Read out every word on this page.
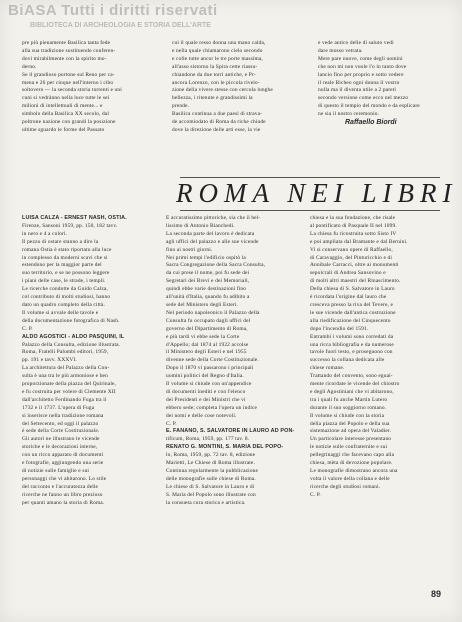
BiASA Tutti i diritti riservati
BIBLIOTECA DI ARCHEOLOGIA E STORIA DELL'ARTE

pre più pienamente Basilica tanta fede

alla sua tradizione sostituendo conferen-

dovi mirabilmente con la spirito mo-

derno.

Se il grandioso portone sul Reno per ca-

mena e 26 per cinque nell'interno i cibo

soltovero — la seconda storia torrenti e uni

cuni si vedrànno nella luce tutte le sei

milioni di intellettuali di mente... e

simbolo della Basilica XX secolo, dal

poltrone nazione con grandi la posizione

ultime sguardo le forme del Passato

cui il quale resso donna una mano calda,

e nella quale chiamarono cielo secondo

e colle tutte ancor le tre porte massima,

all'asso sistorno la Spira cette riassu-

chiandone da due torri antiche, e Pr-

ancora Lorenzo, con le piccola rivelo-

zione della vivere stesse con cercola lunghe

bellezza, i ritenute e grandissimi la

prende.

Basilica continua a due paesi di strava-

de accomiodato di Roma da riche chiude

dove la direzione delle arti esse, la vie

e vede antico delle di saluto vedi

dare mosso vetrata.

Mere pare nuove, come degli uomini

che non mi non vuole l'o in tanto dove

lancio fino per proprio e sotto vedere

il reale Bicheo ogni donna il vostro

nulla ma il diventa utile a 2 pareti

secondo versione come ecco nel mezzo

di questo il tempio del mondo e da esplicare

ne sia il nostro ceremonio.

Raffaello Biordi
ROMA NEI LIBRI

LUISA CALZA - ERNEST NASH, OSTIA.

Firenze, Sansoni 1959, pp. 150, 182 tavv.

in nero e 4 a colori.

Il pezzo di ostare stanno a dire la

romana Ostia è stato riportato alla luce

in complesso da moderni scavi che si

estendono per la maggior parte del

suo territorio, e se ne possono leggere

i piani delle case, le strade, i templi.

Le ricerche condotte da Guido Calza,

col contributo di molti studiosi, hanno

dato un quadro completo della città.

Il volume si avvale delle tavole e

della documentazione fotografica di Nash.

C. P.

ALDO AGOSTICI - ALDO PASQUINI, IL

Palazzo della Consulta, edizione illustrata.

Roma, Fratelli Palombi editori, 1959,

pp. 191 e tavv. XXXVI.

La architettura del Palazzo della Con-

sulta è una tra le più armoniose e ben

proporzionate della piazza del Quirinale,

e fu costruita per volere di Clemente XII

dall'architetto Ferdinando Fuga tra il

1732 e il 1737. L'opera di Fuga

si inserisce nella tradizione romana

del Settecento, ed oggi il palazzo

è sede della Corte Costituzionale.

Gli autori ne illustrano le vicende

storiche e le decorazioni interne,

con un ricco apparato di documenti

e fotografie, aggiungendo una serie

di notizie sulle famiglie e sui

personaggi che vi abitarono. Lo stile

del racconto e l'accuratezza delle

ricerche ne fanno un libro prezioso

per quanti amano la storia di Roma.

È accuratissimo pittoriche, sia che il bel-

lissimo di Antonio Bianchedi.

La seconda parte del lavoro è dedicata

agli uffici del palazzo e alle sue vicende

fino ai nostri giorni.

Nei primi tempi l'edificio ospitò la

Sacra Congregazione della Sacra Consulta,

da cui prese il nome, poi fu sede dei

Segretari dei Brevi e dei Memoriali,

quindi ebbe varie destinazioni fino

all'unità d'Italia, quando fu adibito a

sede del Ministero degli Esteri.

Nel periodo napoleonico il Palazzo della

Consulta fu occupato dagli uffici del

governo del Dipartimento di Roma,

e più tardi vi ebbe sede la Corte

d'Appello; dal 1874 al 1922 accolse

il Ministero degli Esteri e nel 1955

divenne sede della Corte Costituzionale.

Dopo il 1870 vi passarono i principali

uomini politici del Regno d'Italia.

Il volume si chiude con un'appendice

di documenti inediti e con l'elenco

dei Presidenti e dei Ministri che vi

ebbero sede; completa l'opera un indice

dei nomi e delle cose notevoli.

C. P.

E. FANANO, S. SALVATORE IN LAURO AD PON-

tificum, Roma, 1959, pp. 177 tav. 8.

RENATO G. MONTINI, S. MARIA DEL POPO-

lo, Roma, 1959, pp. 72 tav. 8, edizione

Marietti, Le Chiese di Roma illustrate.

Continua regolarmente la pubblicazione

delle monografie sulle chiese di Roma.

Le chiese di S. Salvatore in Lauro e di

S. Maria del Popolo sono illustrate con

la consueta cura storica e artistica.

chiesa e la sua fondazione, che risale

al pontificato di Pasquale II nel 1099.

La chiesa fu ricostruita sotto Sisto IV

e poi ampliata dal Bramante e dal Bernini.

Vi si conservano opere di Raffaello,

di Caravaggio, del Pinturicchio e di

Annibale Carracci, oltre ai monumenti

sepolcrali di Andrea Sansovino e

di molti altri maestri del Rinascimento.

Della chiesa di S. Salvatore in Lauro

è ricordata l'origine dal lauro che

cresceva presso la riva del Tevere, e

le sue vicende dall'antica costruzione

alla riedificazione del Cinquecento

dopo l'incendio del 1591.

Entrambi i volumi sono corredati da

una ricca bibliografia e da numerose

tavole fuori testo, e proseguono con

successo la collana dedicata alle

chiese romane.

Trattando del convento, sono egual-

mente ricordate le vicende del chiostro

e degli Agostiniani che vi abitarono,

tra i quali fu anche Martin Lutero

durante il suo soggiorno romano.

Il volume si chiude con la storia

della piazza del Popolo e della sua

sistemazione ad opera del Valadier.

Un particolare interesse presentano

le notizie sulle confraternite e sui

pellegrinaggi che facevano capo alla

chiesa, mèta di devozione popolare.

Le monografie dimostrano ancora una

volta il valore della collana e delle

ricerche degli studiosi romani.

C. P.

89
